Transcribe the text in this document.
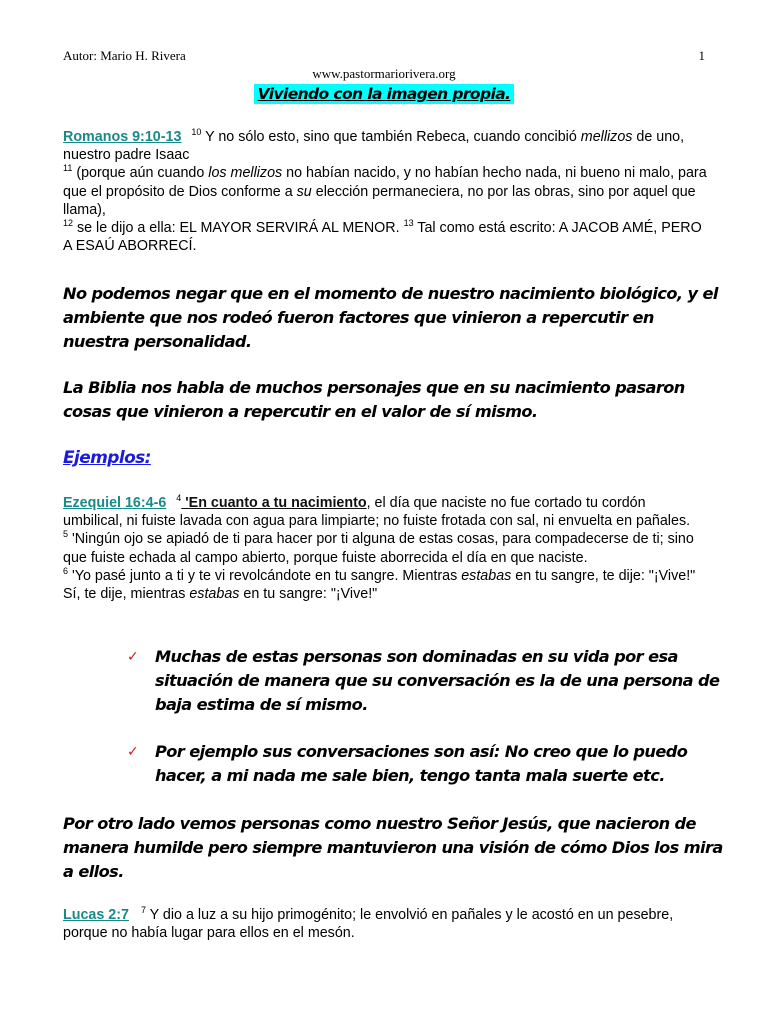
Autor: Mario H. Rivera	1
www.pastormariorivera.org
Viviendo con la imagen propia.
Romanos 9:10-13 $^{10}$ Y no sólo esto, sino que también Rebeca, cuando concibió mellizos de uno, nuestro padre Isaac
$^{11}$ (porque aún cuando los mellizos no habían nacido, y no habían hecho nada, ni bueno ni malo, para que el propósito de Dios conforme a su elección permaneciera, no por las obras, sino por aquel que llama),
$^{12}$ se le dijo a ella: EL MAYOR SERVIRÁ AL MENOR. $^{13}$ Tal como está escrito: A JACOB AMÉ, PERO A ESAÚ ABORRECÍ.
No podemos negar que en el momento de nuestro nacimiento biológico, y el ambiente que nos rodeó fueron factores que vinieron a repercutir en nuestra personalidad.
La Biblia nos habla de muchos personajes que en su nacimiento pasaron cosas que vinieron a repercutir en el valor de sí mismo.
Ejemplos:
Ezequiel 16:4-6 $^4$ 'En cuanto a tu nacimiento, el día que naciste no fue cortado tu cordón umbilical, ni fuiste lavada con agua para limpiarte; no fuiste frotada con sal, ni envuelta en pañales.
$^5$ 'Ningún ojo se apiadó de ti para hacer por ti alguna de estas cosas, para compadecerse de ti; sino que fuiste echada al campo abierto, porque fuiste aborrecida el día en que naciste.
$^6$ 'Yo pasé junto a ti y te vi revolcándote en tu sangre. Mientras estabas en tu sangre, te dije: "¡Vive!" Sí, te dije, mientras estabas en tu sangre: "¡Vive!"
✓ Muchas de estas personas son dominadas en su vida por esa situación de manera que su conversación es la de una persona de baja estima de sí mismo.
✓ Por ejemplo sus conversaciones son así: No creo que lo puedo hacer, a mi nada me sale bien, tengo tanta mala suerte etc.
Por otro lado vemos personas como nuestro Señor Jesús, que nacieron de manera humilde pero siempre mantuvieron una visión de cómo Dios los mira a ellos.
Lucas 2:7 $^7$ Y dio a luz a su hijo primogénito; le envolvió en pañales y le acostó en un pesebre, porque no había lugar para ellos en el mesón.
